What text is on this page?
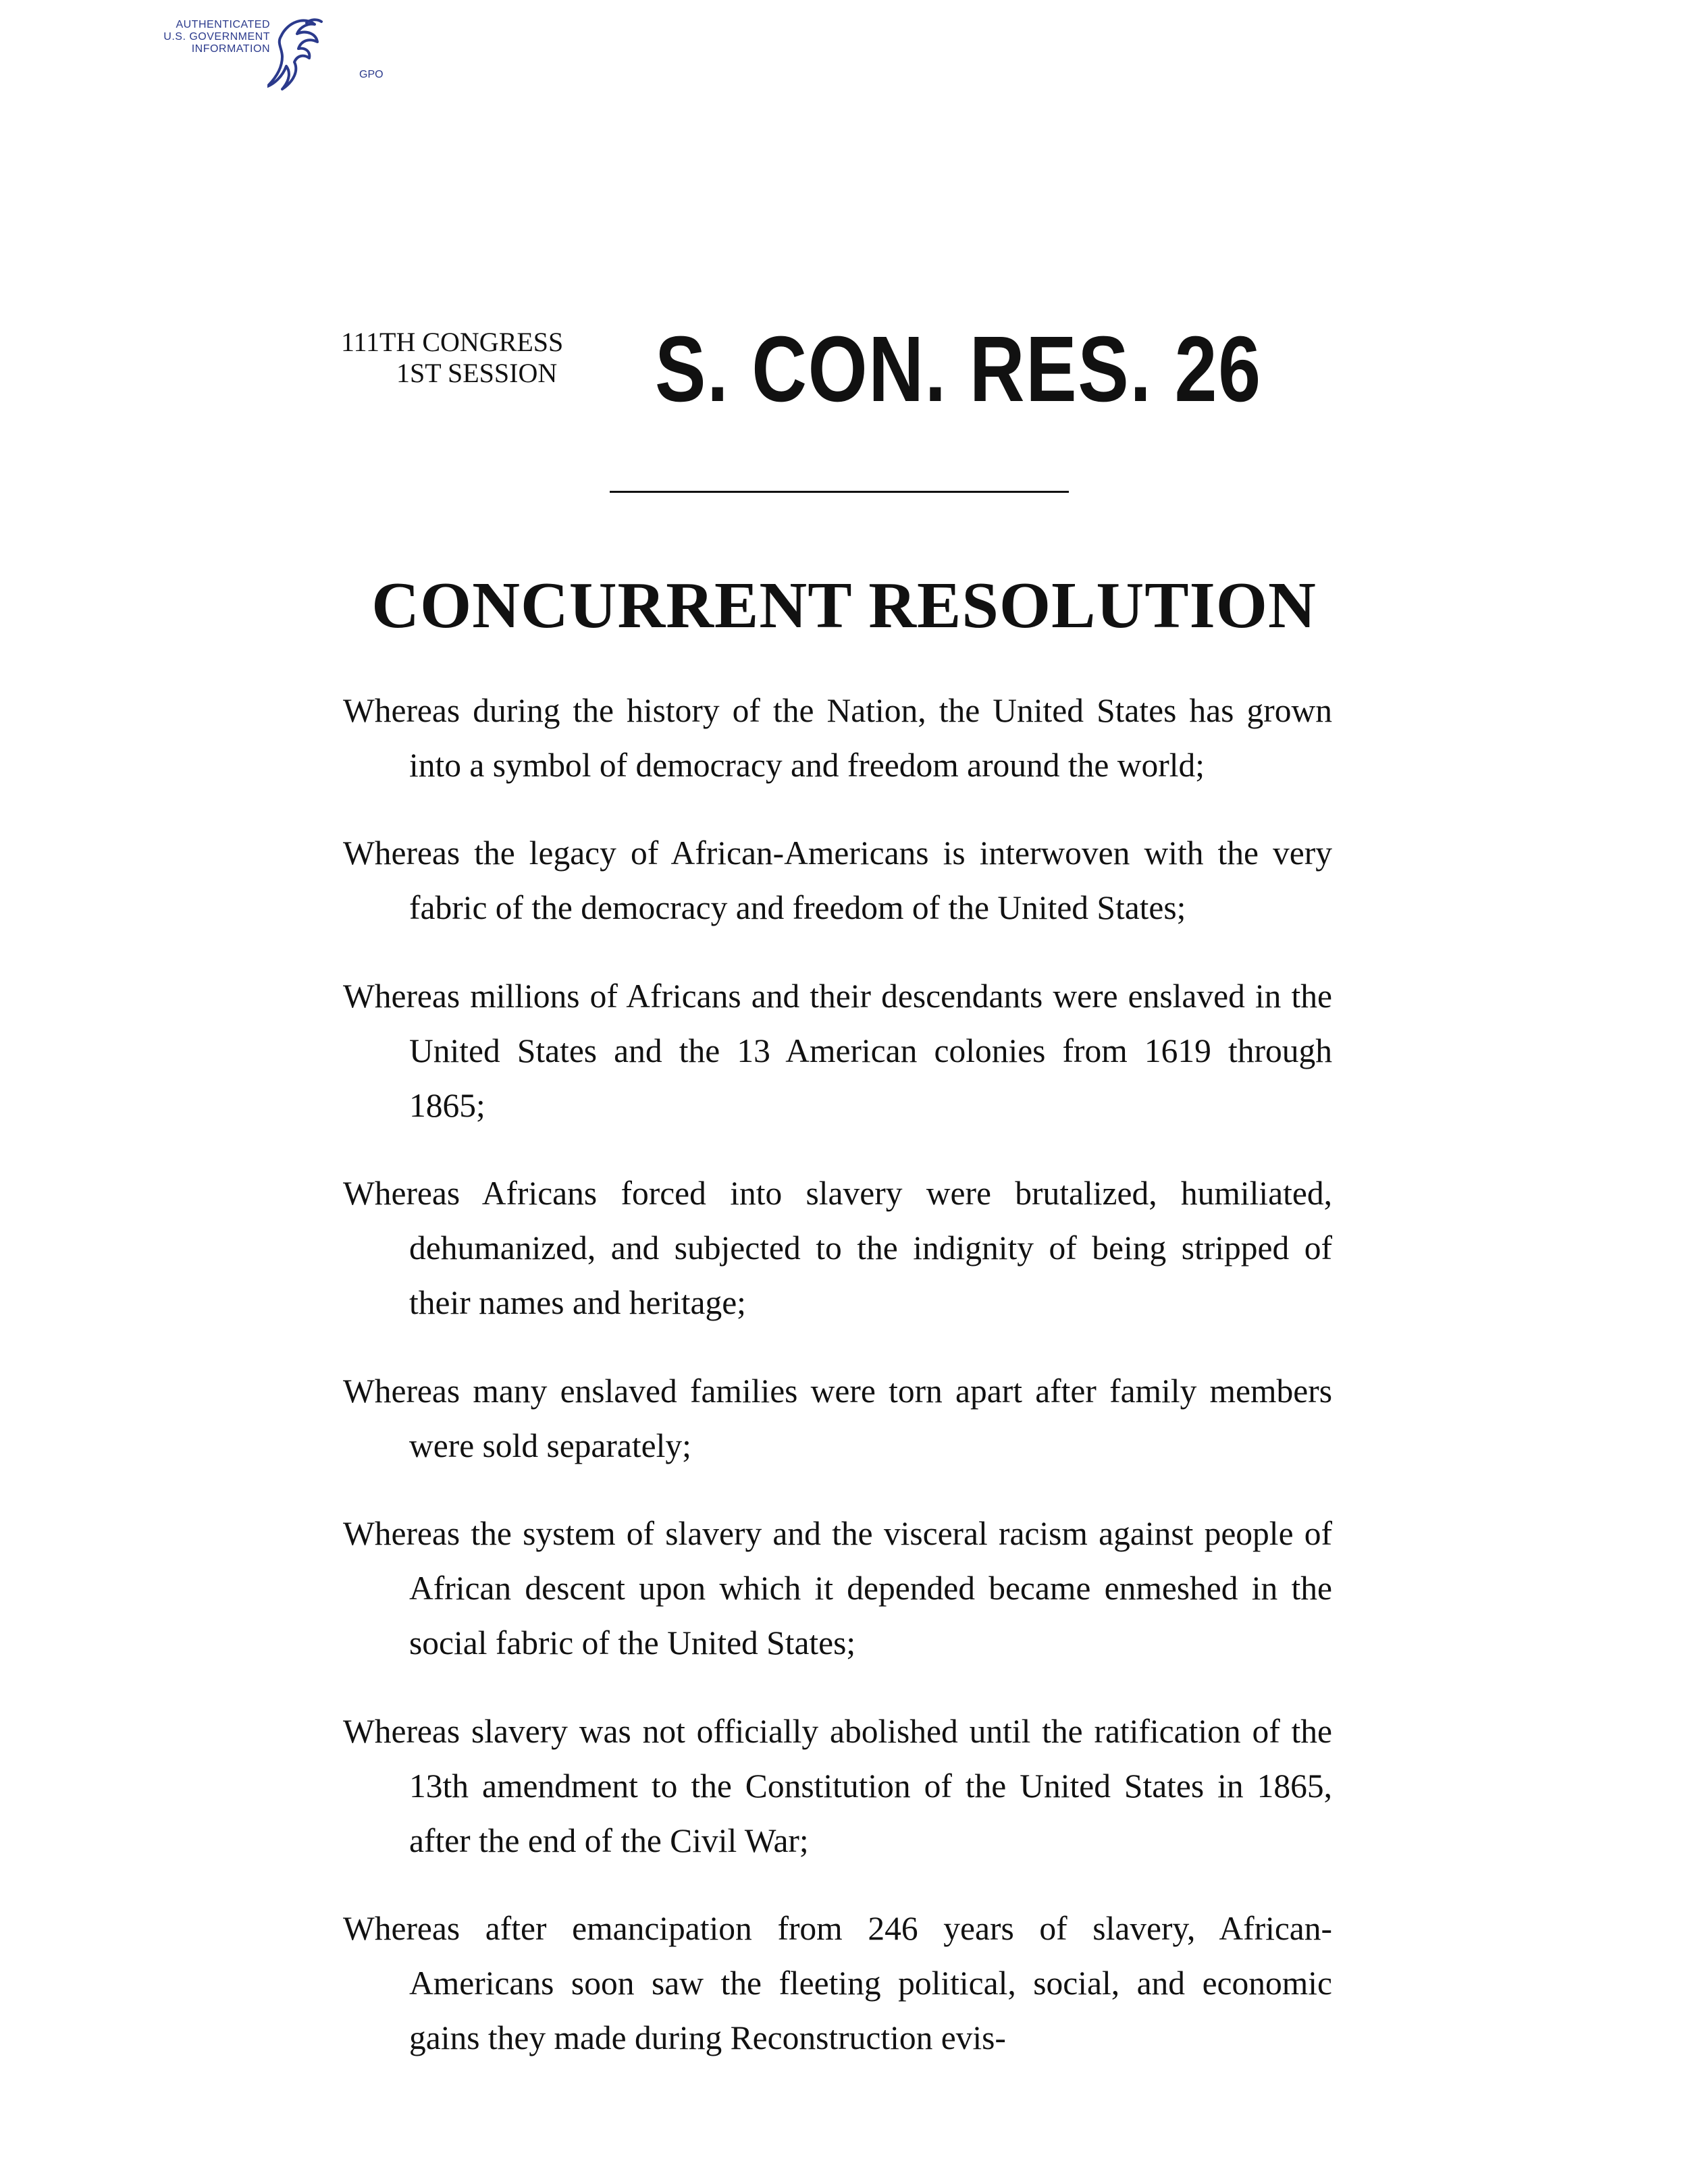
AUTHENTICATED
U.S. GOVERNMENT
INFORMATION
GPO
111TH CONGRESS
1ST SESSION	S. CON. RES. 26
CONCURRENT RESOLUTION

Whereas during the history of the Nation, the United States has grown into a symbol of democracy and freedom around the world;

Whereas the legacy of African-Americans is interwoven with the very fabric of the democracy and freedom of the United States;

Whereas millions of Africans and their descendants were enslaved in the United States and the 13 American colonies from 1619 through 1865;

Whereas Africans forced into slavery were brutalized, humiliated, dehumanized, and subjected to the indignity of being stripped of their names and heritage;

Whereas many enslaved families were torn apart after family members were sold separately;

Whereas the system of slavery and the visceral racism against people of African descent upon which it depended became enmeshed in the social fabric of the United States;

Whereas slavery was not officially abolished until the ratification of the 13th amendment to the Constitution of the United States in 1865, after the end of the Civil War;

Whereas after emancipation from 246 years of slavery, African-Americans soon saw the fleeting political, social, and economic gains they made during Reconstruction evis-
